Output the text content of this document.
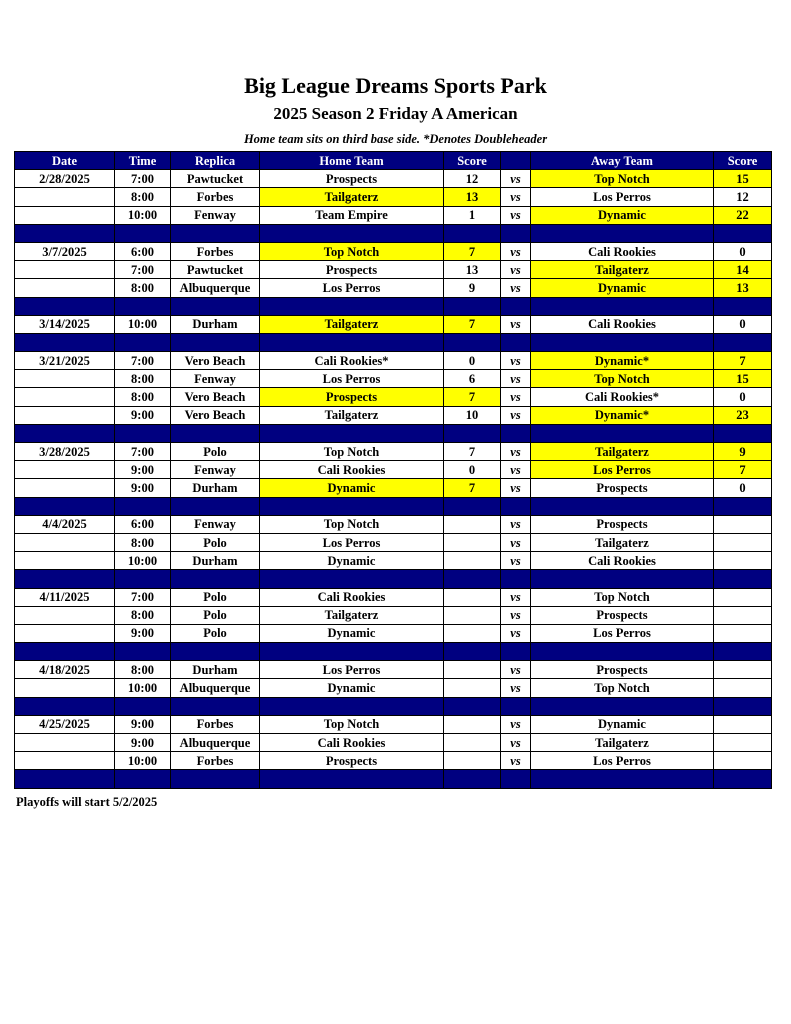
Big League Dreams Sports Park
2025 Season 2 Friday A American
Home team sits on third base side. *Denotes Doubleheader
Date	Time	Replica	Home Team	Score		Away Team	Score
2/28/2025	7:00	Pawtucket	Prospects	12	vs	Top Notch	15
	8:00	Forbes	Tailgaterz	13	vs	Los Perros	12
	10:00	Fenway	Team Empire	1	vs	Dynamic	22

3/7/2025	6:00	Forbes	Top Notch	7	vs	Cali Rookies	0
	7:00	Pawtucket	Prospects	13	vs	Tailgaterz	14
	8:00	Albuquerque	Los Perros	9	vs	Dynamic	13

3/14/2025	10:00	Durham	Tailgaterz	7	vs	Cali Rookies	0

3/21/2025	7:00	Vero Beach	Cali Rookies*	0	vs	Dynamic*	7
	8:00	Fenway	Los Perros	6	vs	Top Notch	15
	8:00	Vero Beach	Prospects	7	vs	Cali Rookies*	0
	9:00	Vero Beach	Tailgaterz	10	vs	Dynamic*	23

3/28/2025	7:00	Polo	Top Notch	7	vs	Tailgaterz	9
	9:00	Fenway	Cali Rookies	0	vs	Los Perros	7
	9:00	Durham	Dynamic	7	vs	Prospects	0

4/4/2025	6:00	Fenway	Top Notch		vs	Prospects	
	8:00	Polo	Los Perros		vs	Tailgaterz	
	10:00	Durham	Dynamic		vs	Cali Rookies	

4/11/2025	7:00	Polo	Cali Rookies		vs	Top Notch	
	8:00	Polo	Tailgaterz		vs	Prospects	
	9:00	Polo	Dynamic		vs	Los Perros	

4/18/2025	8:00	Durham	Los Perros		vs	Prospects	
	10:00	Albuquerque	Dynamic		vs	Top Notch	

4/25/2025	9:00	Forbes	Top Notch		vs	Dynamic	
	9:00	Albuquerque	Cali Rookies		vs	Tailgaterz	
	10:00	Forbes	Prospects		vs	Los Perros	

Playoffs will start 5/2/2025
